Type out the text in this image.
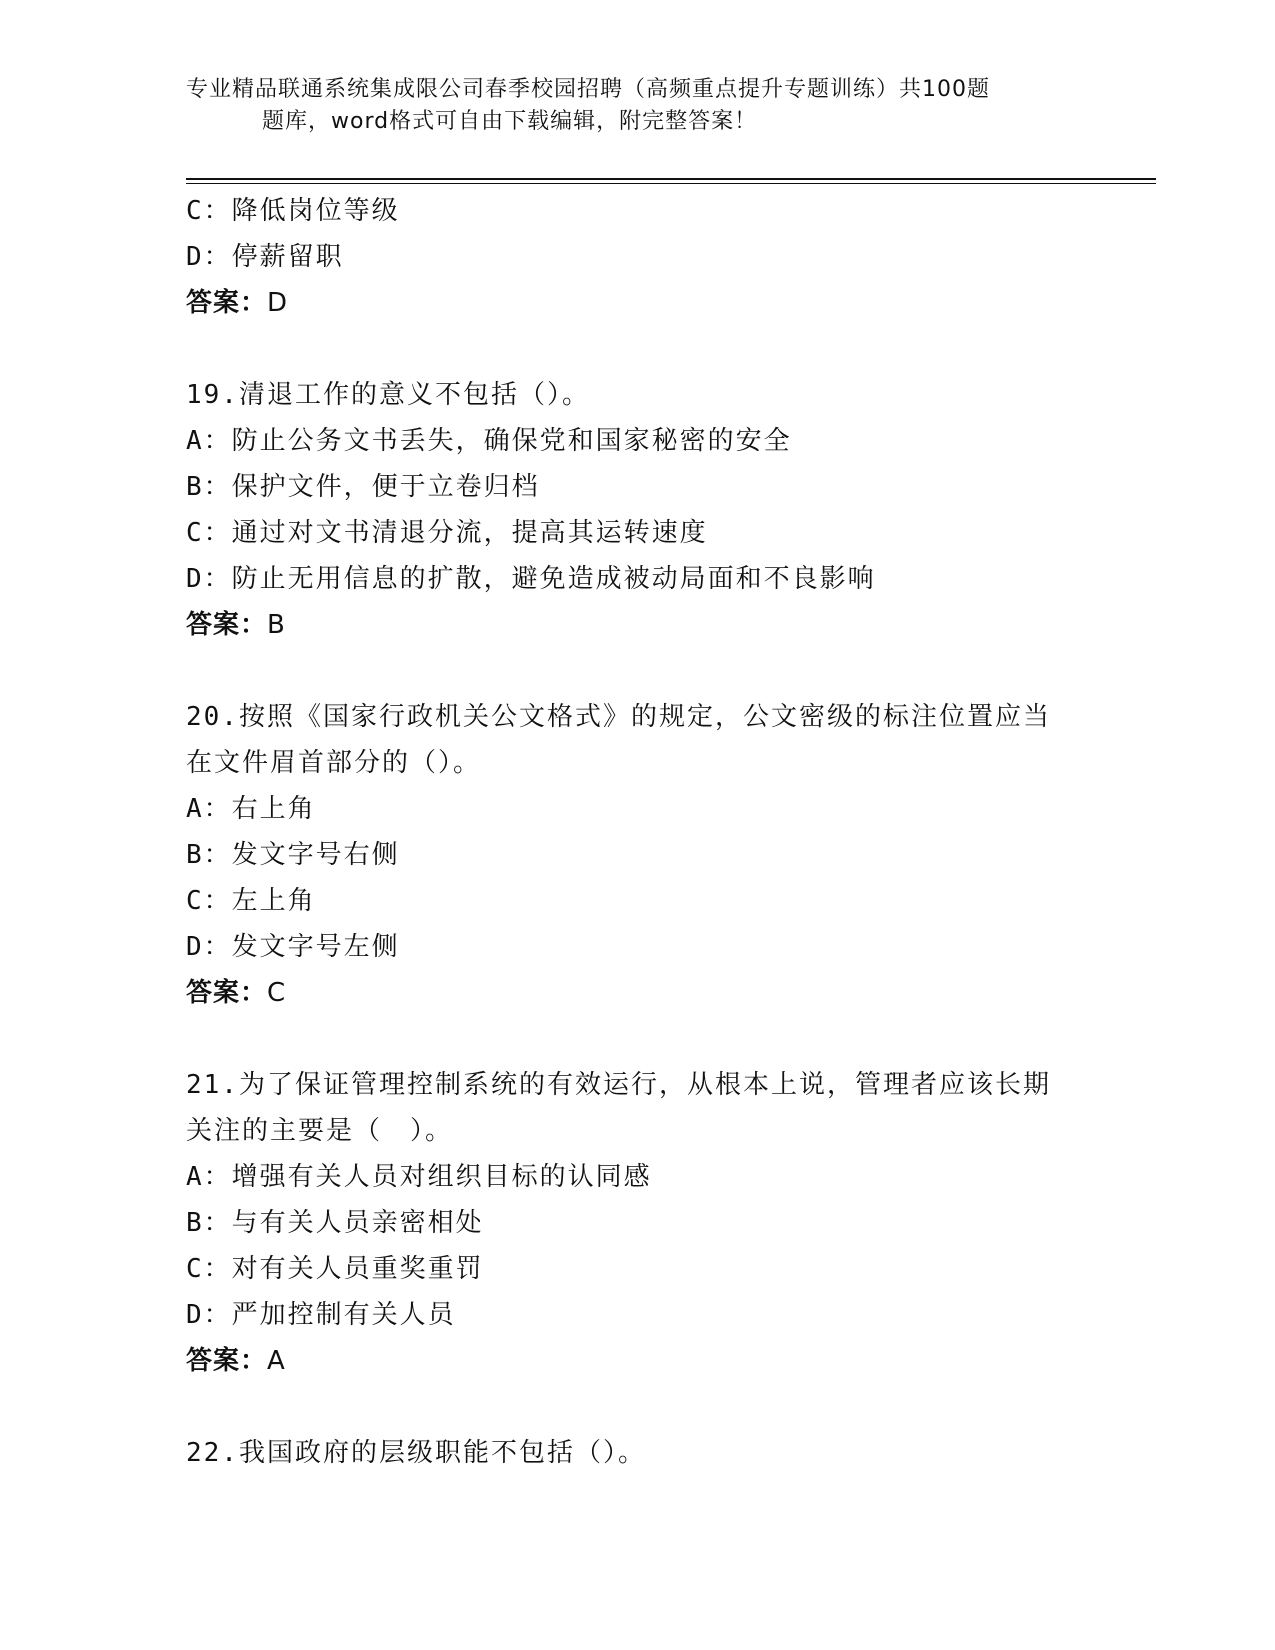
专业精品联通系统集成限公司春季校园招聘（高频重点提升专题训练）共100题
题库，word格式可自由下载编辑，附完整答案！
C：降低岗位等级
D：停薪留职
答案：D
19.清退工作的意义不包括（）。
A：防止公务文书丢失，确保党和国家秘密的安全
B：保护文件，便于立卷归档
C：通过对文书清退分流，提高其运转速度
D：防止无用信息的扩散，避免造成被动局面和不良影响
答案：B
20.按照《国家行政机关公文格式》的规定，公文密级的标注位置应当在文件眉首部分的（）。
A：右上角
B：发文字号右侧
C：左上角
D：发文字号左侧
答案：C
21.为了保证管理控制系统的有效运行，从根本上说，管理者应该长期关注的主要是（　）。
A：增强有关人员对组织目标的认同感
B：与有关人员亲密相处
C：对有关人员重奖重罚
D：严加控制有关人员
答案：A
22.我国政府的层级职能不包括（）。
